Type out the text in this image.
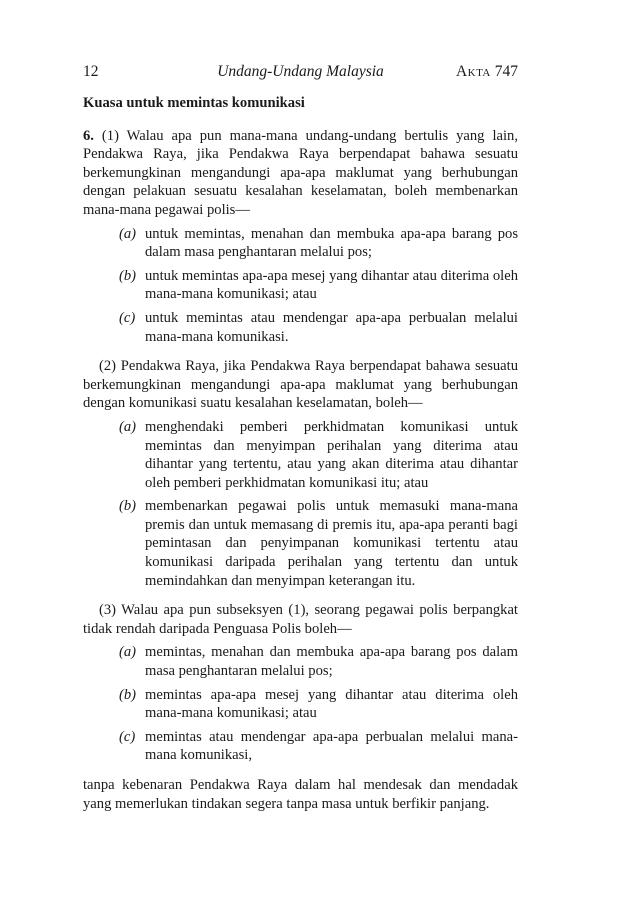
12	Undang-Undang Malaysia	Akta 747

Kuasa untuk memintas komunikasi

6. (1) Walau apa pun mana-mana undang-undang bertulis yang lain, Pendakwa Raya, jika Pendakwa Raya berpendapat bahawa sesuatu berkemungkinan mengandungi apa-apa maklumat yang berhubungan dengan pelakuan sesuatu kesalahan keselamatan, boleh membenarkan mana-mana pegawai polis—

(a) untuk memintas, menahan dan membuka apa-apa barang pos dalam masa penghantaran melalui pos;
(b) untuk memintas apa-apa mesej yang dihantar atau diterima oleh mana-mana komunikasi; atau
(c) untuk memintas atau mendengar apa-apa perbualan melalui mana-mana komunikasi.

(2) Pendakwa Raya, jika Pendakwa Raya berpendapat bahawa sesuatu berkemungkinan mengandungi apa-apa maklumat yang berhubungan dengan komunikasi suatu kesalahan keselamatan, boleh—

(a) menghendaki pemberi perkhidmatan komunikasi untuk memintas dan menyimpan perihalan yang diterima atau dihantar yang tertentu, atau yang akan diterima atau dihantar oleh pemberi perkhidmatan komunikasi itu; atau
(b) membenarkan pegawai polis untuk memasuki mana-mana premis dan untuk memasang di premis itu, apa-apa peranti bagi pemintasan dan penyimpanan komunikasi tertentu atau komunikasi daripada perihalan yang tertentu dan untuk memindahkan dan menyimpan keterangan itu.

(3) Walau apa pun subseksyen (1), seorang pegawai polis berpangkat tidak rendah daripada Penguasa Polis boleh—

(a) memintas, menahan dan membuka apa-apa barang pos dalam masa penghantaran melalui pos;
(b) memintas apa-apa mesej yang dihantar atau diterima oleh mana-mana komunikasi; atau
(c) memintas atau mendengar apa-apa perbualan melalui mana-mana komunikasi,

tanpa kebenaran Pendakwa Raya dalam hal mendesak dan mendadak yang memerlukan tindakan segera tanpa masa untuk berfikir panjang.
